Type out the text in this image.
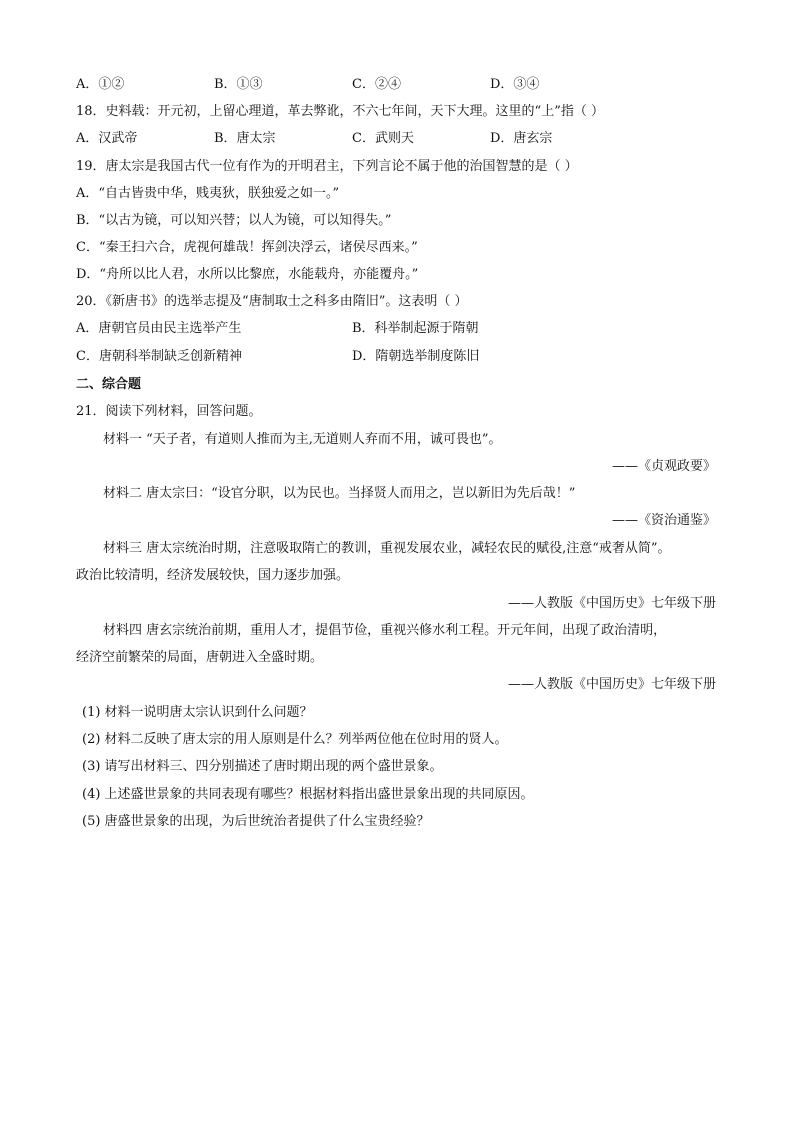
A．①②	B．①③	C．②④	D．③④
18．史料载：开元初，上留心理道，革去弊讹，不六七年间，天下大理。这里的“上”指（ ）
A．汉武帝	B．唐太宗	C．武则天	D．唐玄宗
19．唐太宗是我国古代一位有作为的开明君主，下列言论不属于他的治国智慧的是（ ）
A．“自古皆贵中华，贱夷狄，朕独爱之如一。”
B．“以古为镜，可以知兴替；以人为镜，可以知得失。”
C．“秦王扫六合，虎视何雄哉！挥剑决浮云，诸侯尽西来。”
D．“舟所以比人君，水所以比黎庶，水能载舟，亦能覆舟。”
20．《新唐书》的选举志提及“唐制取士之科多由隋旧”。这表明（ ）
A．唐朝官员由民主选举产生	B．科举制起源于隋朝
C．唐朝科举制缺乏创新精神	D．隋朝选举制度陈旧
二、综合题
21．阅读下列材料，回答问题。
材料一 “天子者，有道则人推而为主,无道则人弃而不用，诚可畏也”。
——《贞观政要》
材料二 唐太宗曰：“设官分职，以为民也。当择贤人而用之，岂以新旧为先后哉！”
——《资治通鉴》
材料三 唐太宗统治时期，注意吸取隋亡的教训，重视发展农业，减轻农民的赋役,注意“戒奢从简”。
政治比较清明，经济发展较快，国力逐步加强。
——人教版《中国历史》七年级下册
材料四 唐玄宗统治前期，重用人才，提倡节俭，重视兴修水利工程。开元年间，出现了政治清明，
经济空前繁荣的局面，唐朝进入全盛时期。
——人教版《中国历史》七年级下册
(1) 材料一说明唐太宗认识到什么问题？
(2) 材料二反映了唐太宗的用人原则是什么？列举两位他在位时用的贤人。
(3) 请写出材料三、四分别描述了唐时期出现的两个盛世景象。
(4) 上述盛世景象的共同表现有哪些？根据材料指出盛世景象出现的共同原因。
(5) 唐盛世景象的出现，为后世统治者提供了什么宝贵经验？
